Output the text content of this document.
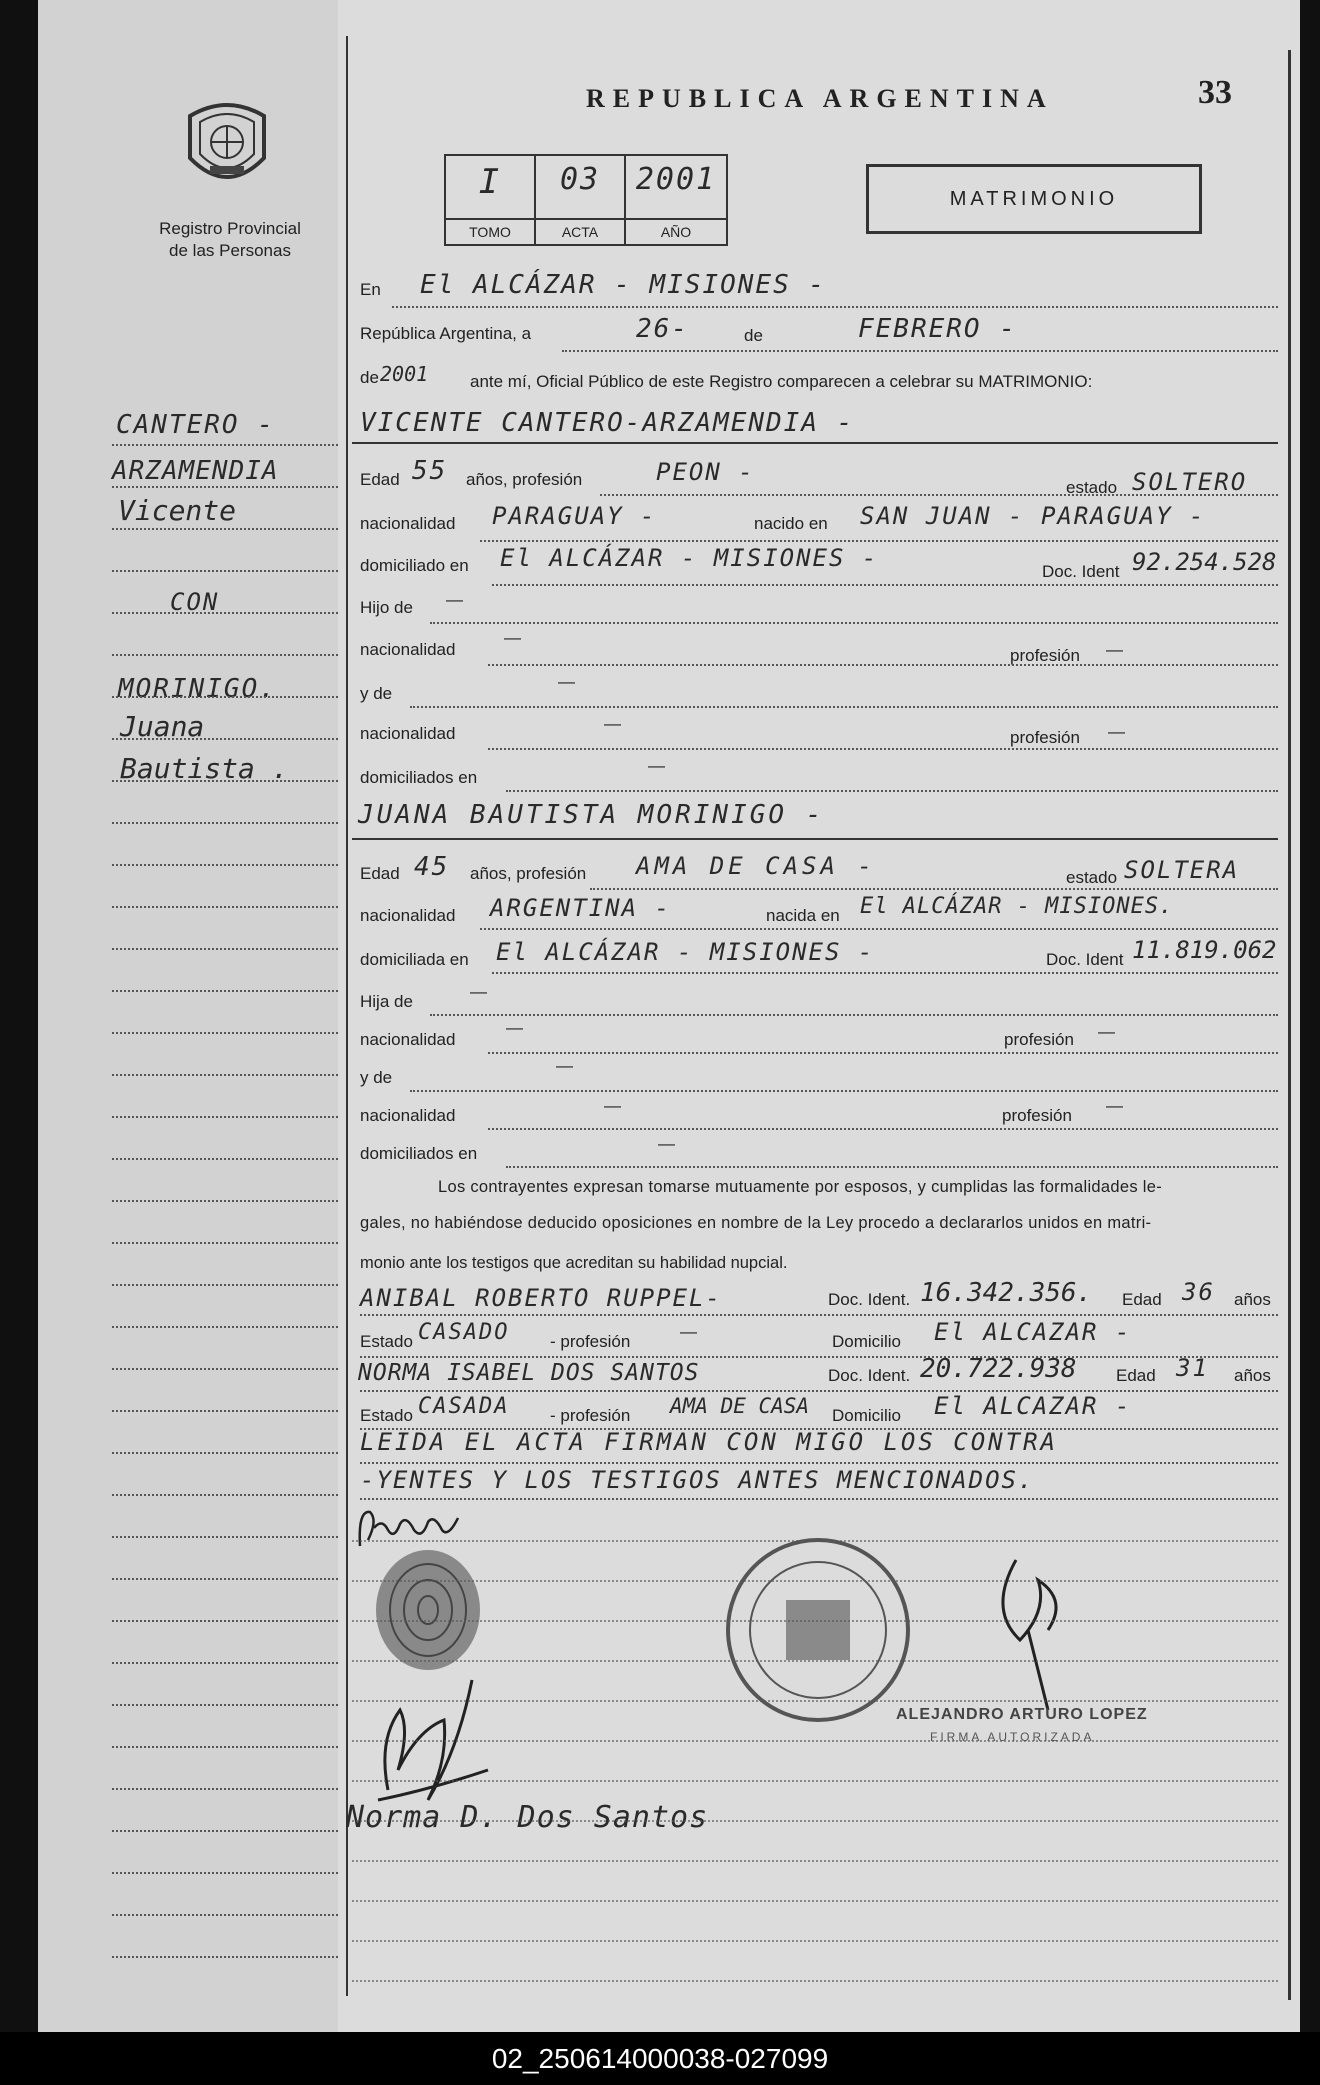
Registro Provincial
de las Personas
REPUBLICA ARGENTINA	33
I
TOMO
03
ACTA
2001
AÑO
MATRIMONIO
En El ALCÁZAR - MISIONES -
República Argentina, a	26-	de	FEBRERO -
de 2001 ante mí, Oficial Público de este Registro comparecen a celebrar su MATRIMONIO:
VICENTE CANTERO-ARZAMENDIA -
Edad 55 años, profesión	PEON -
estado SOLTERO
nacionalidad PARAGUAY -	nacido en SAN JUAN - PARAGUAY -
domiciliado en El ALCÁZAR - MISIONES -	Doc. Ident 92.254.528
Hijo de —
nacionalidad
—
profesión —
y de
—
nacionalidad
—
profesión —
domiciliados en
—
JUANA BAUTISTA MORINIGO -
Edad 45 años, profesión AMA DE CASA -	estado SOLTERA
nacionalidad ARGENTINA -	nacida en El ALCÁZAR - MISIONES.
domiciliada en El ALCÁZAR - MISIONES -	Doc. Ident 11.819.062
Hija de
—
nacionalidad
—
profesión —
y de
—
nacionalidad
—
profesión
—
domiciliados en
—
Los contrayentes expresan tomarse mutuamente por esposos, y cumplidas las formalidades le-
gales, no habiéndose deducido oposiciones en nombre de la Ley procedo a declararlos unidos en matri-
monio ante los testigos que acreditan su habilidad nupcial.
ANIBAL ROBERTO RUPPEL-	Doc. Ident. 16.342.356. Edad 36 años
Estado CASADO - profesión
—
Domicilio El ALCAZAR -
NORMA ISABEL DOS SANTOS	Doc. Ident. 20.722.938 Edad 31 años
Estado CASADA - profesión AMA DE CASA Domicilio El ALCAZAR -
LEIDA EL ACTA FIRMAN CON MIGO LOS CONTRA
-YENTES Y LOS TESTIGOS ANTES MENCIONADOS.
ALEJANDRO ARTURO LOPEZ
FIRMA AUTORIZADA
Norma D. Dos Santos
CANTERO -
ARZAMENDIA
Vicente
CON
MORINIGO.
Juana
Bautista .
02_250614000038-027099
